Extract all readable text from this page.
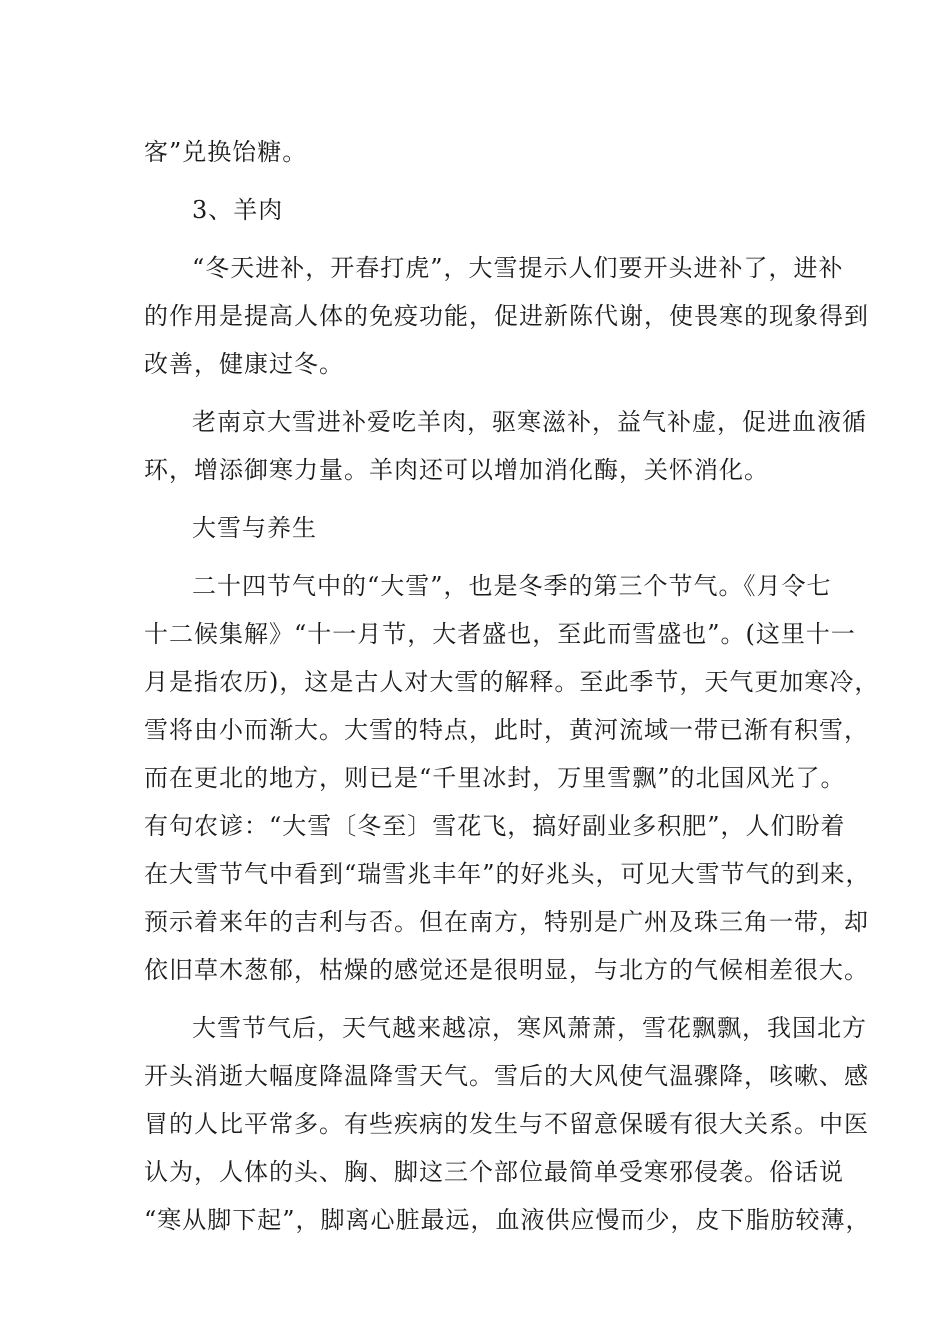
客”兑换饴糖。
3、羊肉
“冬天进补，开春打虎”，大雪提示人们要开头进补了，进补
的作用是提高人体的免疫功能，促进新陈代谢，使畏寒的现象得到
改善，健康过冬。
老南京大雪进补爱吃羊肉，驱寒滋补，益气补虚，促进血液循
环，增添御寒力量。羊肉还可以增加消化酶，关怀消化。
大雪与养生
二十四节气中的“大雪”，也是冬季的第三个节气。《月令七
十二候集解》“十一月节，大者盛也，至此而雪盛也”。(这里十一
月是指农历)，这是古人对大雪的解释。至此季节，天气更加寒冷，
雪将由小而渐大。大雪的特点，此时，黄河流域一带已渐有积雪，
而在更北的地方，则已是“千里冰封，万里雪飘”的北国风光了。
有句农谚：“大雪〔冬至〕雪花飞，搞好副业多积肥”，人们盼着
在大雪节气中看到“瑞雪兆丰年”的好兆头，可见大雪节气的到来，
预示着来年的吉利与否。但在南方，特别是广州及珠三角一带，却
依旧草木葱郁，枯燥的感觉还是很明显，与北方的气候相差很大。
大雪节气后，天气越来越凉，寒风萧萧，雪花飘飘，我国北方
开头消逝大幅度降温降雪天气。雪后的大风使气温骤降，咳嗽、感
冒的人比平常多。有些疾病的发生与不留意保暖有很大关系。中医
认为，人体的头、胸、脚这三个部位最简单受寒邪侵袭。俗话说
“寒从脚下起”，脚离心脏最远，血液供应慢而少，皮下脂肪较薄，
